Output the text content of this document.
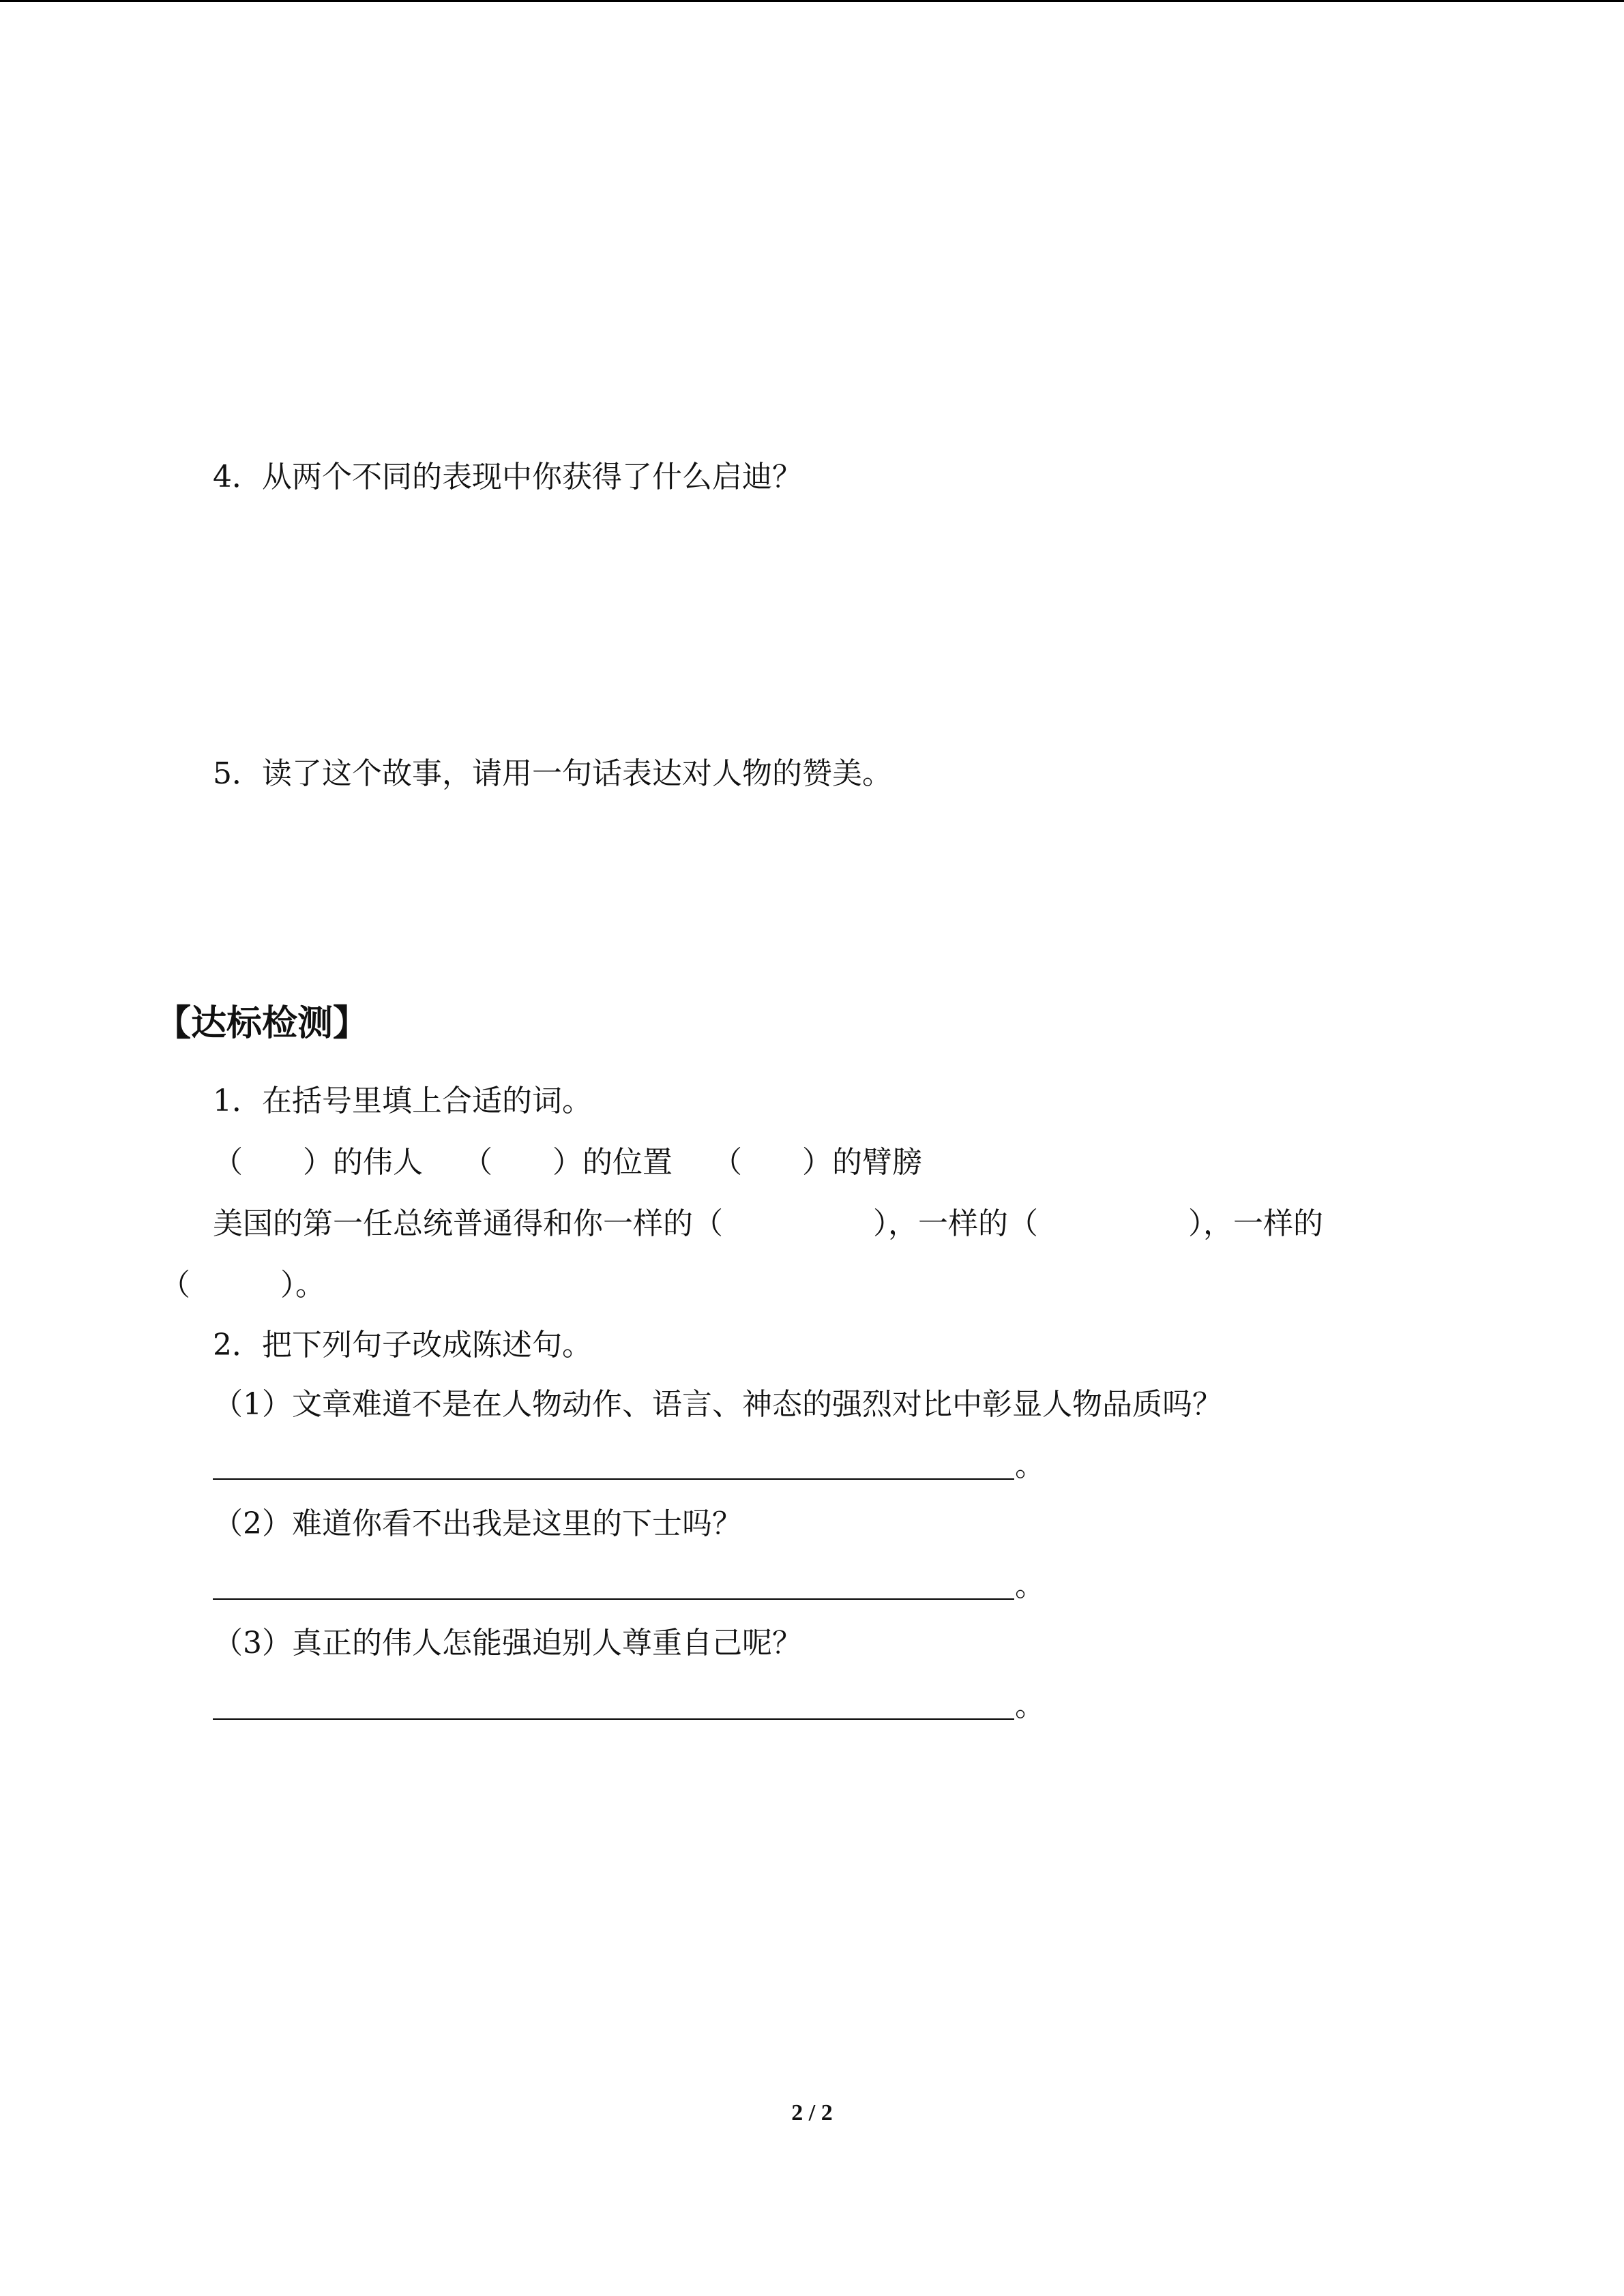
4．从两个不同的表现中你获得了什么启迪？
5．读了这个故事，请用一句话表达对人物的赞美。
【达标检测】
1．在括号里填上合适的词。
（　　）的伟人　 （　　）的位置　 （　　）的臂膀
美国的第一任总统普通得和你一样的（　　　　　），一样的（　　　　　），一样的
（　　　）。
2．把下列句子改成陈述句。
（1）文章难道不是在人物动作、语言、神态的强烈对比中彰显人物品质吗？
。
（2）难道你看不出我是这里的下士吗？
。
（3）真正的伟人怎能强迫别人尊重自己呢？
。
2 / 2
